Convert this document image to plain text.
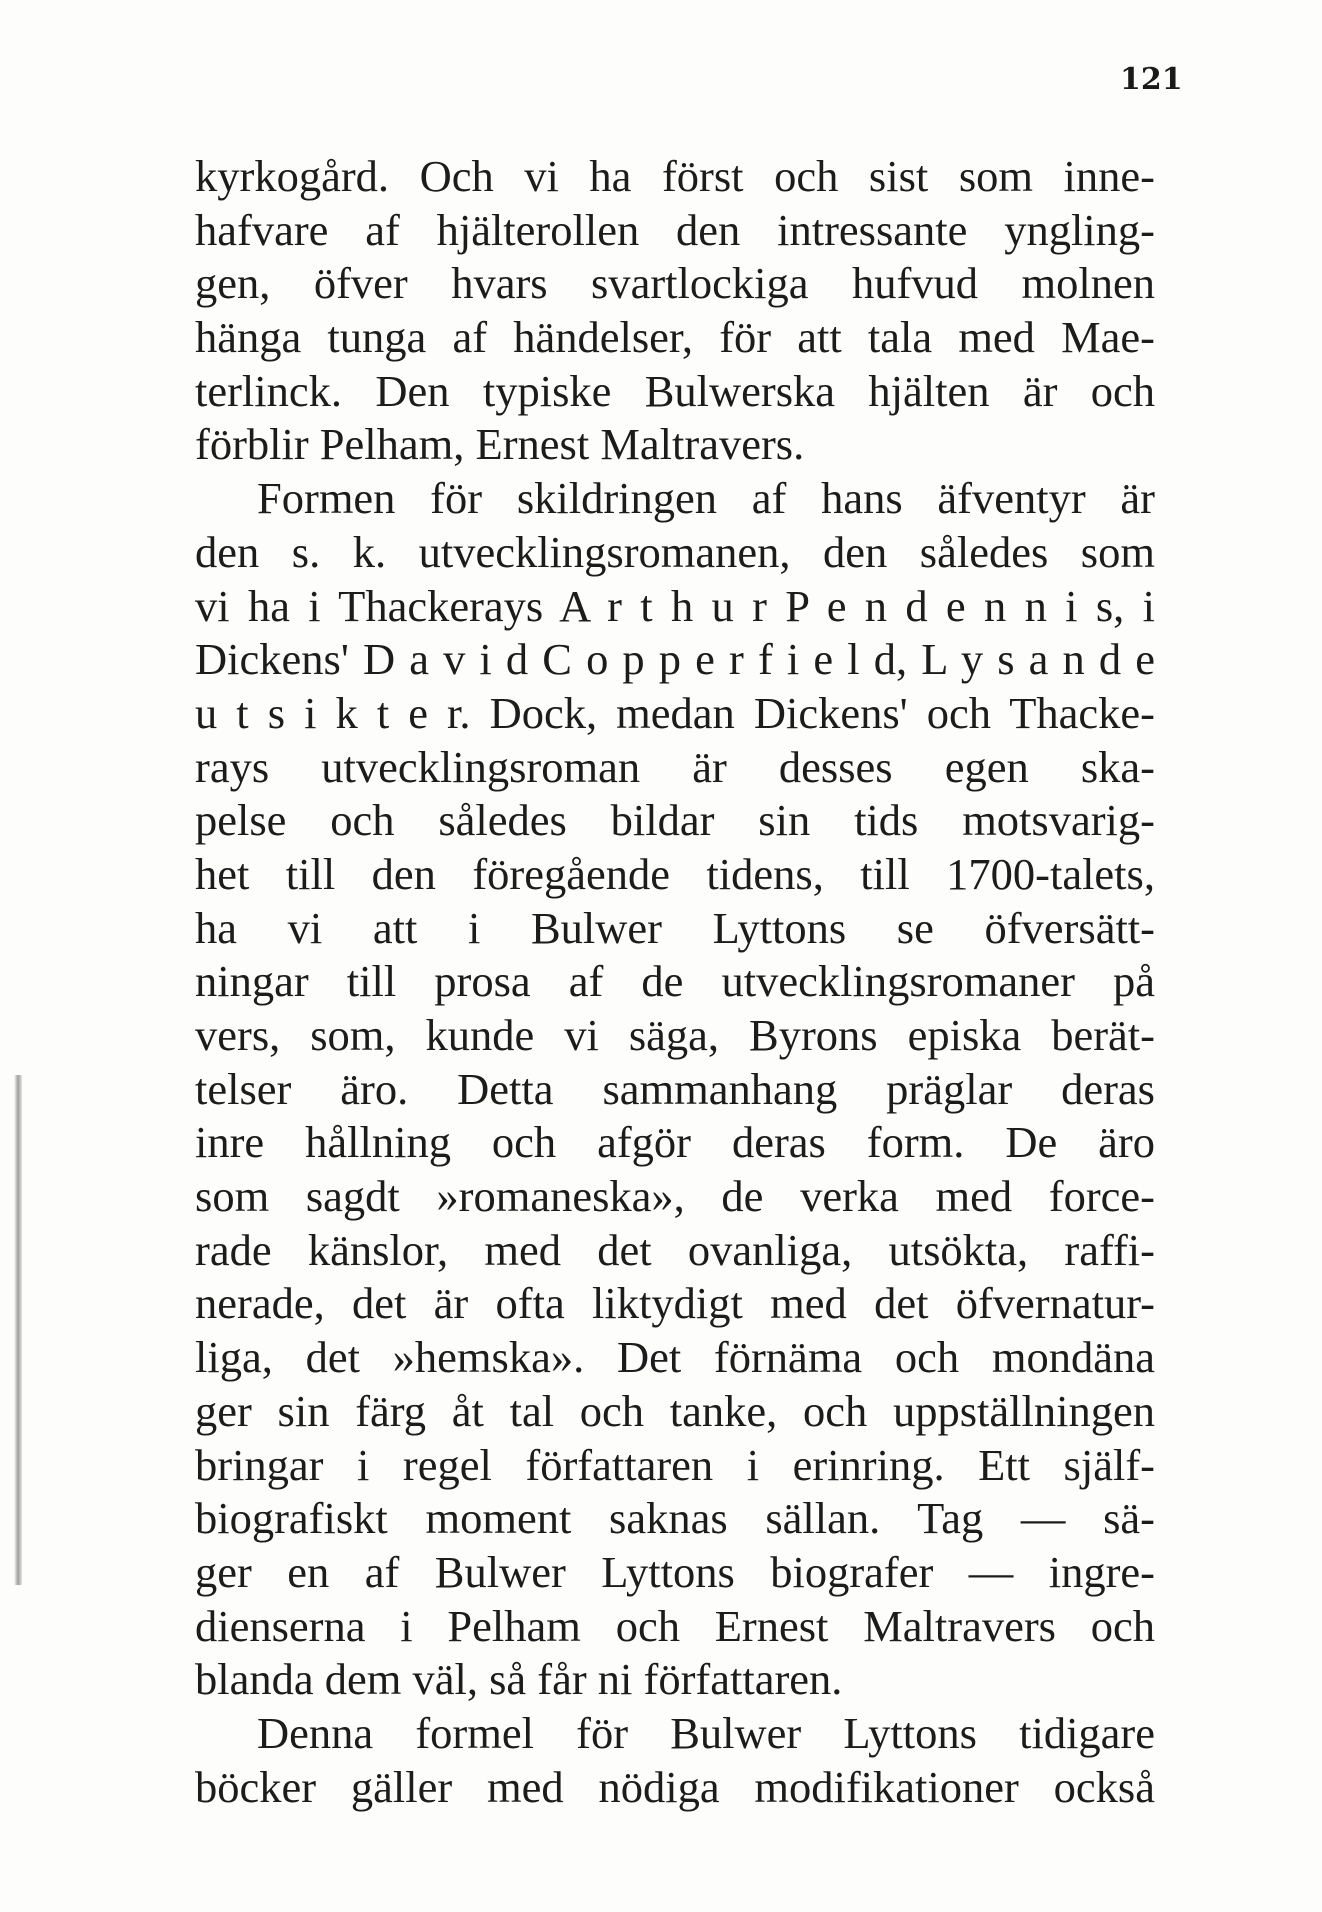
121
kyrkogård. Och vi ha först och sist som inne-
hafvare af hjälterollen den intressante yngling-
gen, öfver hvars svartlockiga hufvud molnen
hänga tunga af händelser, för att tala med Mae-
terlinck. Den typiske Bulwerska hjälten är och
förblir Pelham, Ernest Maltravers.
Formen för skildringen af hans äfventyr är
den s. k. utvecklingsromanen, den således som
vi ha i Thackerays A r t h u r P e n d e n n i s, i
Dickens' D a v i d C o p p e r f i e l d, L y s a n d e
u t s i k t e r. Dock, medan Dickens' och Thacke-
rays utvecklingsroman är desses egen ska-
pelse och således bildar sin tids motsvarig-
het till den föregående tidens, till 1700-talets,
ha vi att i Bulwer Lyttons se öfversätt-
ningar till prosa af de utvecklingsromaner på
vers, som, kunde vi säga, Byrons episka berät-
telser äro. Detta sammanhang präglar deras
inre hållning och afgör deras form. De äro
som sagdt »romaneska», de verka med force-
rade känslor, med det ovanliga, utsökta, raffi-
nerade, det är ofta liktydigt med det öfvernatur-
liga, det »hemska». Det förnäma och mondäna
ger sin färg åt tal och tanke, och uppställningen
bringar i regel författaren i erinring. Ett själf-
biografiskt moment saknas sällan. Tag — sä-
ger en af Bulwer Lyttons biografer — ingre-
dienserna i Pelham och Ernest Maltravers och
blanda dem väl, så får ni författaren.
Denna formel för Bulwer Lyttons tidigare
böcker gäller med nödiga modifikationer också
